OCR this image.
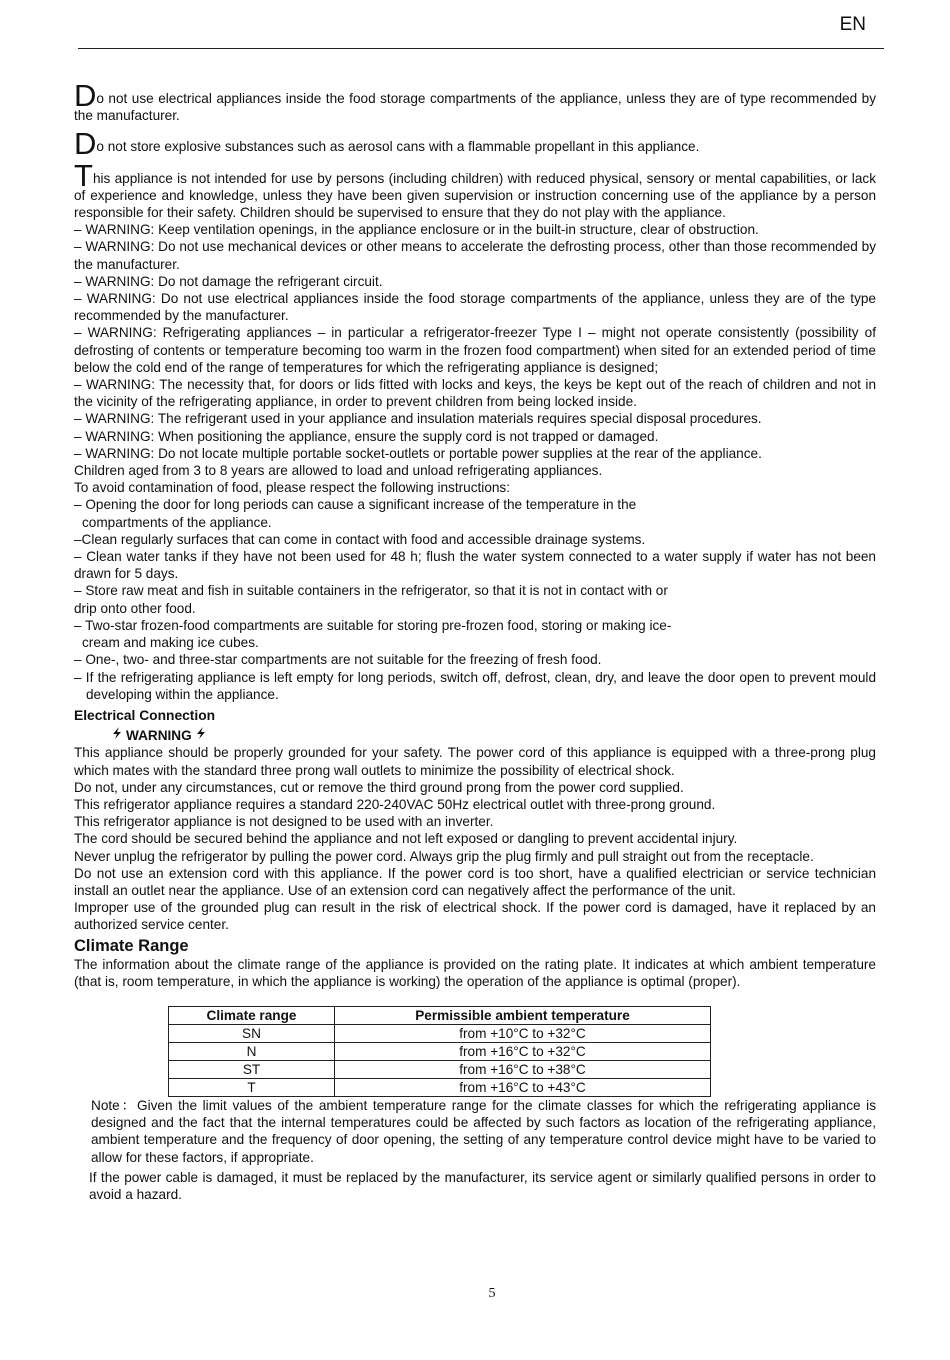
EN

Do not use electrical appliances inside the food storage compartments of the appliance, unless they are of type recommended by the manufacturer.

Do not store explosive substances such as aerosol cans with a flammable propellant in this appliance.

This appliance is not intended for use by persons (including children) with reduced physical, sensory or mental capabilities, or lack of experience and knowledge, unless they have been given supervision or instruction concerning use of the appliance by a person responsible for their safety. Children should be supervised to ensure that they do not play with the appliance.

– WARNING: Keep ventilation openings, in the appliance enclosure or in the built-in structure, clear of obstruction.

– WARNING: Do not use mechanical devices or other means to accelerate the defrosting process, other than those recommended by the manufacturer.

– WARNING: Do not damage the refrigerant circuit.

– WARNING: Do not use electrical appliances inside the food storage compartments of the appliance, unless they are of the type recommended by the manufacturer.

– WARNING: Refrigerating appliances – in particular a refrigerator-freezer Type I – might not operate consistently (possibility of defrosting of contents or temperature becoming too warm in the frozen food compartment) when sited for an extended period of time below the cold end of the range of temperatures for which the refrigerating appliance is designed;

– WARNING: The necessity that, for doors or lids fitted with locks and keys, the keys be kept out of the reach of children and not in the vicinity of the refrigerating appliance, in order to prevent children from being locked inside.

– WARNING: The refrigerant used in your appliance and insulation materials requires special disposal procedures.

– WARNING: When positioning the appliance, ensure the supply cord is not trapped or damaged.

– WARNING: Do not locate multiple portable socket-outlets or portable power supplies at the rear of the appliance.

Children aged from 3 to 8 years are allowed to load and unload refrigerating appliances.

To avoid contamination of food, please respect the following instructions:

– Opening the door for long periods can cause a significant increase of the temperature in the

compartments of the appliance.

–Clean regularly surfaces that can come in contact with food and accessible drainage systems.

– Clean water tanks if they have not been used for 48 h; flush the water system connected to a water supply if water has not been drawn for 5 days.

– Store raw meat and fish in suitable containers in the refrigerator, so that it is not in contact with or

drip onto other food.

– Two-star frozen-food compartments are suitable for storing pre-frozen food, storing or making ice-

cream and making ice cubes.

– One-, two- and three-star compartments are not suitable for the freezing of fresh food.

– If the refrigerating appliance is left empty for long periods, switch off, defrost, clean, dry, and leave the door open to prevent mould developing within the appliance.

Electrical Connection
WARNING

This appliance should be properly grounded for your safety. The power cord of this appliance is equipped with a three-prong plug which mates with the standard three prong wall outlets to minimize the possibility of electrical shock.

Do not, under any circumstances, cut or remove the third ground prong from the power cord supplied.

This refrigerator appliance requires a standard 220-240VAC 50Hz electrical outlet with three-prong ground.

This refrigerator appliance is not designed to be used with an inverter.

The cord should be secured behind the appliance and not left exposed or dangling to prevent accidental injury.

Never unplug the refrigerator by pulling the power cord. Always grip the plug firmly and pull straight out from the receptacle.

Do not use an extension cord with this appliance. If the power cord is too short, have a qualified electrician or service technician install an outlet near the appliance. Use of an extension cord can negatively affect the performance of the unit.

Improper use of the grounded plug can result in the risk of electrical shock. If the power cord is damaged, have it replaced by an authorized service center.

Climate Range

The information about the climate range of the appliance is provided on the rating plate. It indicates at which ambient temperature (that is, room temperature, in which the appliance is working) the operation of the appliance is optimal (proper).

Climate range	Permissible ambient temperature
SN	from +10°C to +32°C
N	from +16°C to +32°C
ST	from +16°C to +38°C
T	from +16°C to +43°C

Note：Given the limit values of the ambient temperature range for the climate classes for which the refrigerating appliance is designed and the fact that the internal temperatures could be affected by such factors as location of the refrigerating appliance, ambient temperature and the frequency of door opening, the setting of any temperature control device might have to be varied to allow for these factors, if appropriate.

If the power cable is damaged, it must be replaced by the manufacturer, its service agent or similarly qualified persons in order to avoid a hazard.

5
